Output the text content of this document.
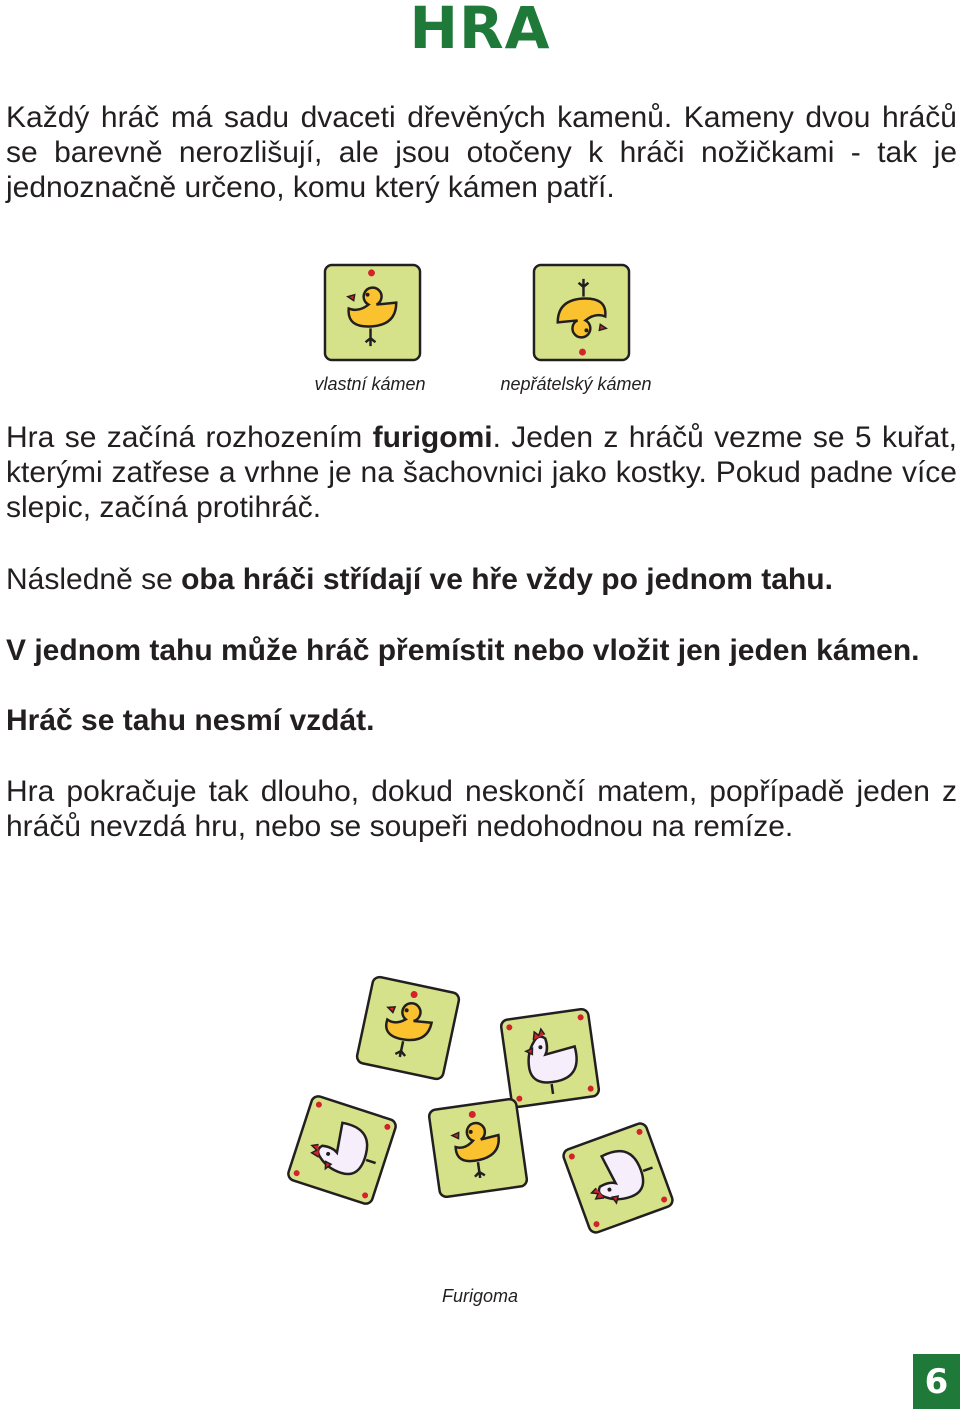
HRA

Každý hráč má sadu dvaceti dřevěných kamenů. Kameny dvou hráčů se barevně nerozlišují, ale jsou otočeny k hráči nožičkami - tak je jednoznačně určeno, komu který kámen patří.

vlastní kámen	nepřátelský kámen

Hra se začíná rozhozením furigomi. Jeden z hráčů vezme se 5 kuřat, kterými zatřese a vrhne je na šachovnici jako kostky. Pokud padne více slepic, začíná protihráč.

Následně se oba hráči střídají ve hře vždy po jednom tahu.

V jednom tahu může hráč přemístit nebo vložit jen jeden kámen.

Hráč se tahu nesmí vzdát.

Hra pokračuje tak dlouho, dokud neskončí matem, popřípadě jeden z hráčů nevzdá hru, nebo se soupeři nedohodnou na remíze.

Furigoma
6
